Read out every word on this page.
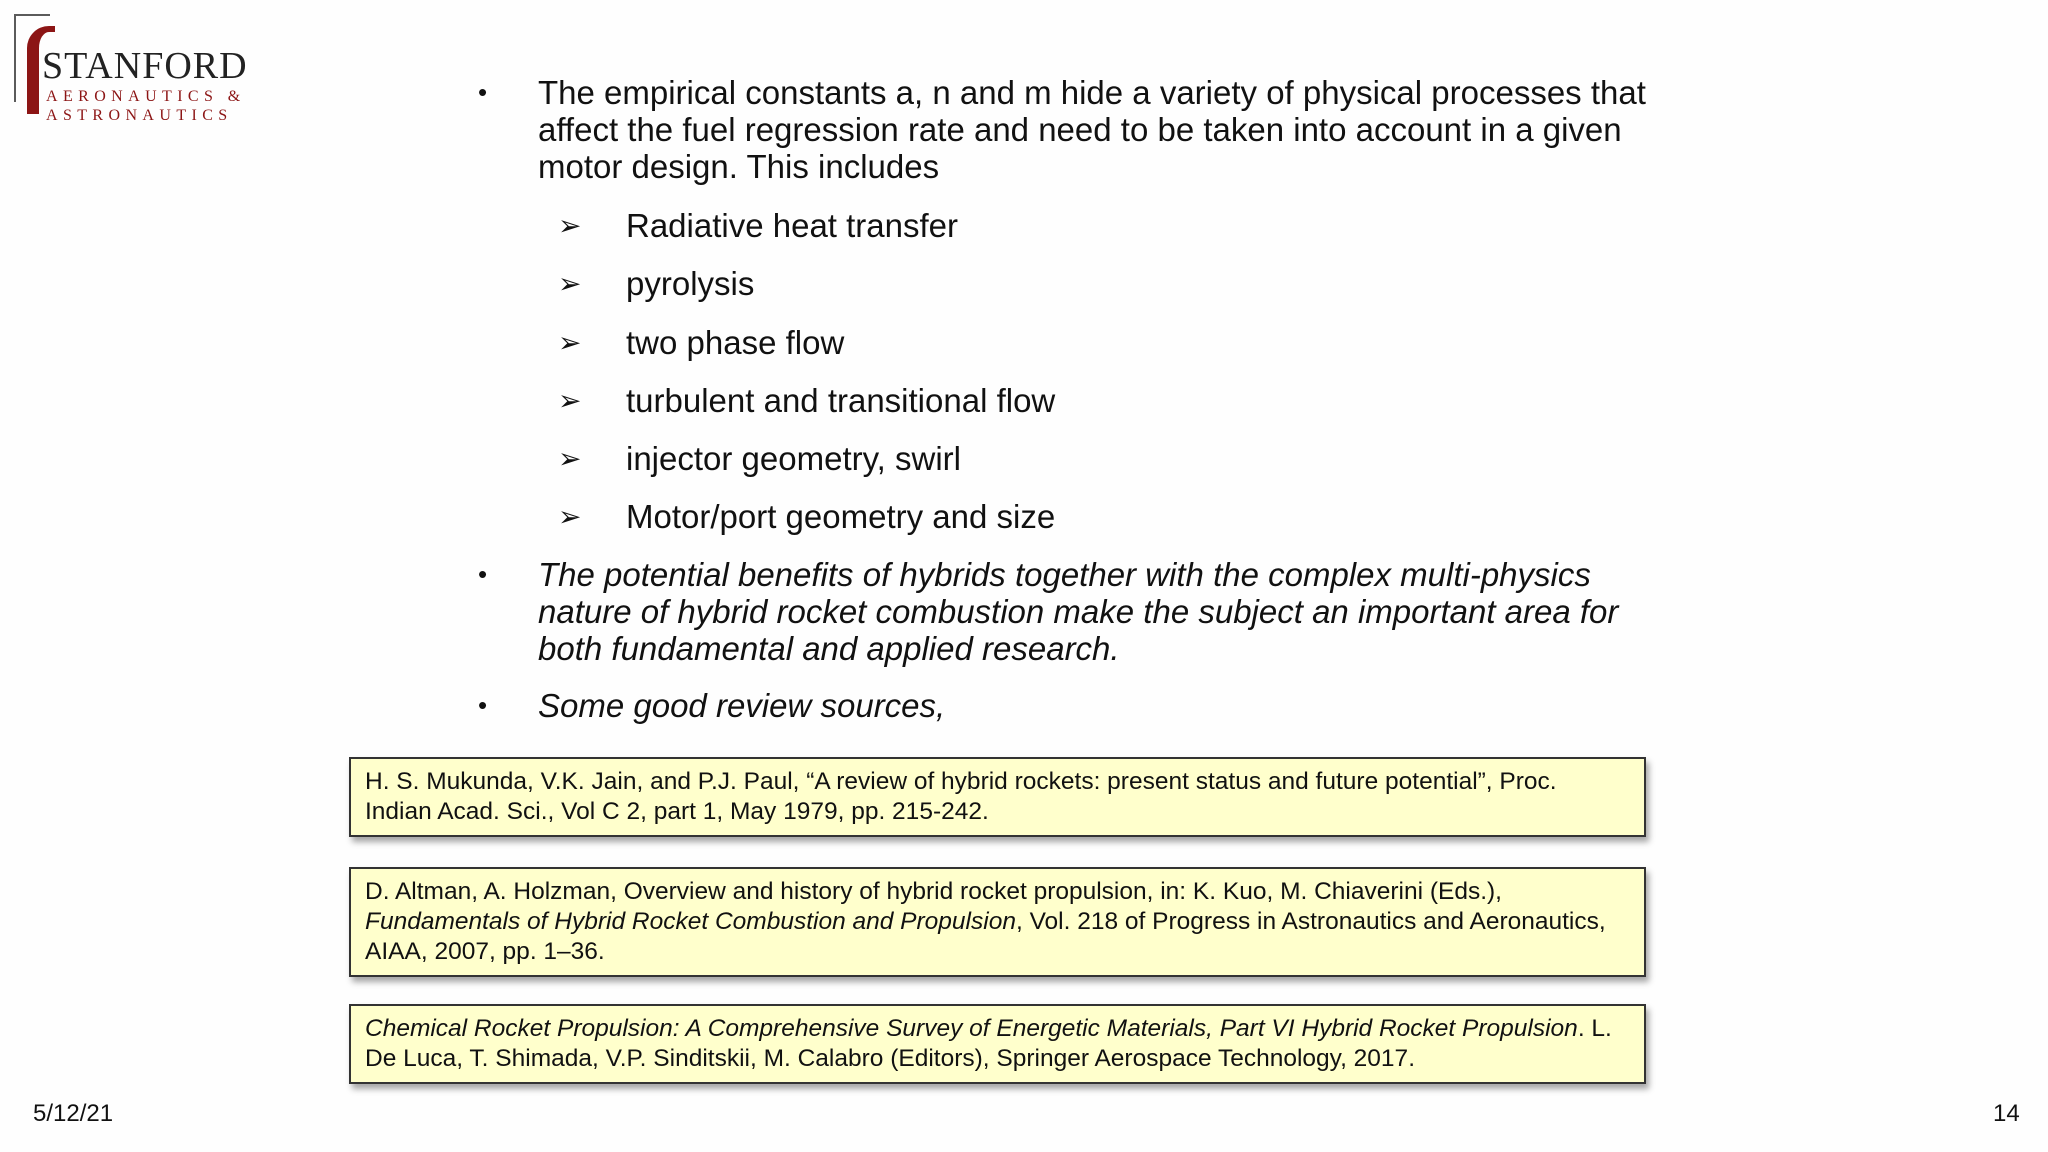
STANFORD
AERONAUTICS &
ASTRONAUTICS
• The empirical constants a, n and m hide a variety of physical processes that affect the fuel regression rate and need to be taken into account in a given motor design. This includes
➢ Radiative heat transfer
➢ pyrolysis
➢ two phase flow
➢ turbulent and transitional flow
➢ injector geometry, swirl
➢ Motor/port geometry and size
• The potential benefits of hybrids together with the complex multi-physics nature of hybrid rocket combustion make the subject an important area for both fundamental and applied research.
• Some good review sources,
H. S. Mukunda, V.K. Jain, and P.J. Paul, “A review of hybrid rockets: present status and future potential”, Proc. Indian Acad. Sci., Vol C 2, part 1, May 1979, pp. 215-242.
D. Altman, A. Holzman, Overview and history of hybrid rocket propulsion, in: K. Kuo, M. Chiaverini (Eds.), Fundamentals of Hybrid Rocket Combustion and Propulsion, Vol. 218 of Progress in Astronautics and Aeronautics, AIAA, 2007, pp. 1–36.
Chemical Rocket Propulsion: A Comprehensive Survey of Energetic Materials, Part VI Hybrid Rocket Propulsion. L. De Luca, T. Shimada, V.P. Sinditskii, M. Calabro (Editors), Springer Aerospace Technology, 2017.
5/12/21	14
